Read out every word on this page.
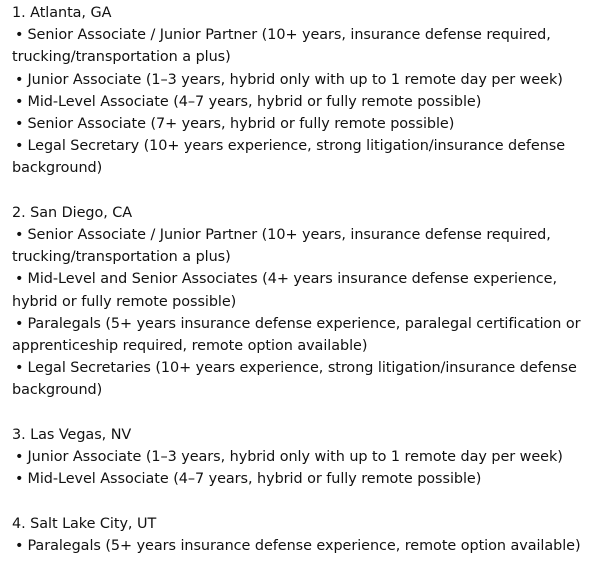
1. Atlanta, GA

• Senior Associate / Junior Partner (10+ years, insurance defense required, trucking/transportation a plus)

• Junior Associate (1–3 years, hybrid only with up to 1 remote day per week)

• Mid-Level Associate (4–7 years, hybrid or fully remote possible)

• Senior Associate (7+ years, hybrid or fully remote possible)

• Legal Secretary (10+ years experience, strong litigation/insurance defense background)

2. San Diego, CA

• Senior Associate / Junior Partner (10+ years, insurance defense required, trucking/transportation a plus)

• Mid-Level and Senior Associates (4+ years insurance defense experience, hybrid or fully remote possible)

• Paralegals (5+ years insurance defense experience, paralegal certification or apprenticeship required, remote option available)

• Legal Secretaries (10+ years experience, strong litigation/insurance defense background)

3. Las Vegas, NV

• Junior Associate (1–3 years, hybrid only with up to 1 remote day per week)

• Mid-Level Associate (4–7 years, hybrid or fully remote possible)

4. Salt Lake City, UT

• Paralegals (5+ years insurance defense experience, remote option available)
